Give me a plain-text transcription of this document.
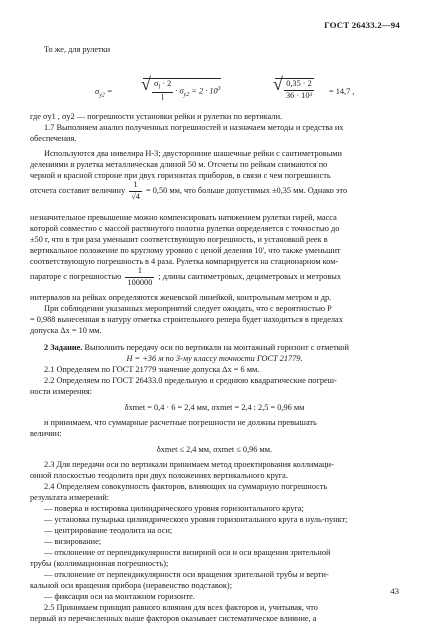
ГОСТ 26433.2—94

То же, для рулетки

$\sigma_{y2}$ =	√ $\frac{\sigma_l \cdot 2}{l} \cdot \sigma_{y2} = 2 \cdot 10^3$	√ $\frac{0,35 \cdot 2}{\text{36 · 10³}} = 14,7$ ,

где σy1 , σy2 — погрешности установки рейки и рулетки по вертикали.

1.7 Выполняем анализ полученных погрешностей и назначаем методы и средства их

обеспечения.

Используются два нивелира Н-3; двусторонние шашечные рейки с сантиметровыми

делениями и рулетка металлическая длиной 50 м. Отсчеты по рейкам снимаются по

черной и красной стороне при двух горизонтах приборов, в связи с чем погрешность

отсчета составит величину $\frac{1}{√4} = 0,50$ мм, что больше допустимых ±0,35 мм. Однако это

незначительное превышение можно компенсировать натяжением рулетки гирей, масса

которой совместно с массой растянутого полотна рулетки определяется с точностью до

±50 г, что в три раза уменьшит соответствующую погрешность, и установкой реек в

вертикальное положение по круглому уровню с ценой деления 10', что также уменьшит

соответствующую погрешность в 4 раза. Рулетка компарируется на стационарном ком-

параторе с погрешностью $\frac{1}{100000}$ ; длины сантиметровых, дециметровых и метровых

интервалов на рейках определяются женевской линейкой, контрольным метром и др.

При соблюдении указанных мероприятий следует ожидать, что с вероятностью P

= 0,988 вынесенная в натуру отметка строительного репера будет находиться в пределах

допуска Δx = 10 мм.

2 Задание. Выполнить передачу оси по вертикали на монтажный горизонт с отметкой

H = +36 м по 3-му классу точности ГОСТ 21779.

2.1 Определяем по ГОСТ 21779 значение допуска Δx = 6 мм.

2.2 Определяем по ГОСТ 26433.0 предельную и среднюю квадратические погреш-

ности измерения:

δxmet = 0,4 · 6 = 2,4 мм, σxmet = 2,4 : 2,5 = 0,96 мм

и принимаем, что суммарные расчетные погрешности не должны превышать

величин:

δxmet ≤ 2,4 мм, σxmet ≤ 0,96 мм.

2.3 Для передачи оси по вертикали принимаем метод проектирования коллимаци-

онной плоскостью теодолита при двух положениях вертикального круга.

2.4 Определяем совокупность факторов, влияющих на суммарную погрешность

результата измерений:

— поверка и юстировка цилиндрического уровня горизонтального круга;

— установка пузырька цилиндрического уровня горизонтального круга в нуль-пункт;

— центрирование теодолита на оси;

— визирование;

— отклонение от перпендикулярности визирной оси и оси вращения зрительной

трубы (коллимационная погрешность);

— отклонение от перпендикулярности оси вращения зрительной трубы и верти-

кальной оси вращения прибора (неравенство подставок);

— фиксация оси на монтажном горизонте.

2.5 Принимаем принцип равного влияния для всех факторов и, учитывая, что

первый из перечисленных выше факторов оказывает систематическое влияние, а

43
